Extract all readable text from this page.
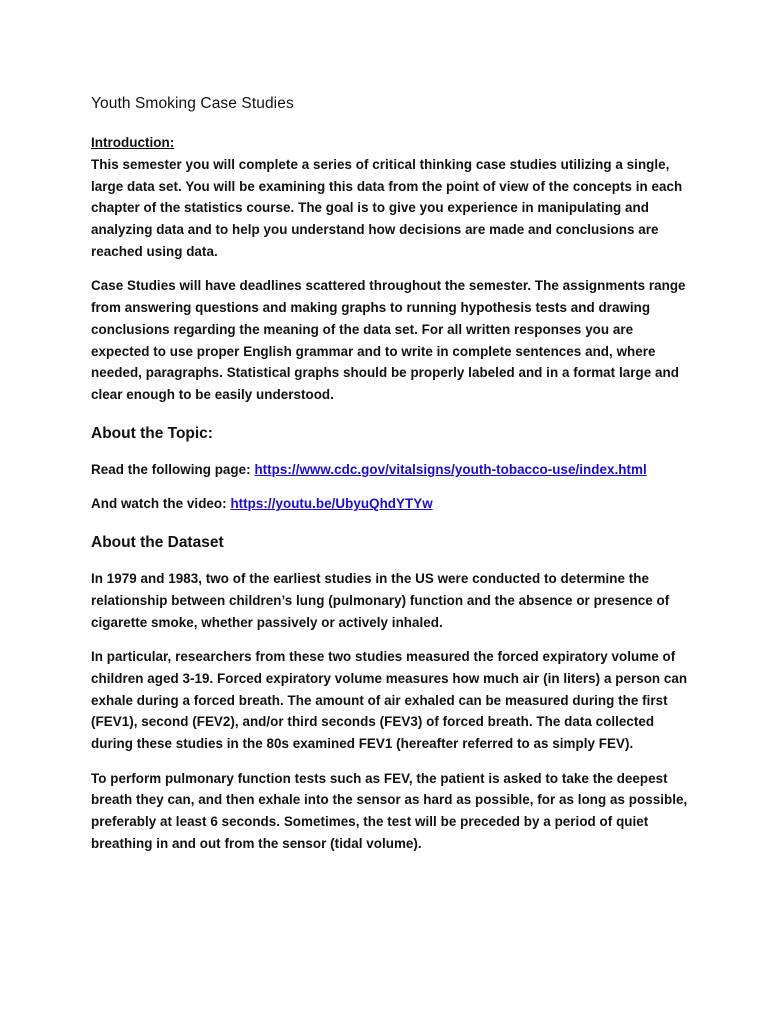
Youth Smoking Case Studies
Introduction:

This semester you will complete a series of critical thinking case studies utilizing a single, large data set. You will be examining this data from the point of view of the concepts in each chapter of the statistics course. The goal is to give you experience in manipulating and analyzing data and to help you understand how decisions are made and conclusions are reached using data.

Case Studies will have deadlines scattered throughout the semester. The assignments range from answering questions and making graphs to running hypothesis tests and drawing conclusions regarding the meaning of the data set. For all written responses you are expected to use proper English grammar and to write in complete sentences and, where needed, paragraphs. Statistical graphs should be properly labeled and in a format large and clear enough to be easily understood.

About the Topic:

Read the following page: https://www.cdc.gov/vitalsigns/youth-tobacco-use/index.html

And watch the video: https://youtu.be/UbyuQhdYTYw

About the Dataset

In 1979 and 1983, two of the earliest studies in the US were conducted to determine the relationship between children’s lung (pulmonary) function and the absence or presence of cigarette smoke, whether passively or actively inhaled.

In particular, researchers from these two studies measured the forced expiratory volume of children aged 3-19. Forced expiratory volume measures how much air (in liters) a person can exhale during a forced breath. The amount of air exhaled can be measured during the first (FEV1), second (FEV2), and/or third seconds (FEV3) of forced breath. The data collected during these studies in the 80s examined FEV1 (hereafter referred to as simply FEV).

To perform pulmonary function tests such as FEV, the patient is asked to take the deepest breath they can, and then exhale into the sensor as hard as possible, for as long as possible, preferably at least 6 seconds. Sometimes, the test will be preceded by a period of quiet breathing in and out from the sensor (tidal volume).
